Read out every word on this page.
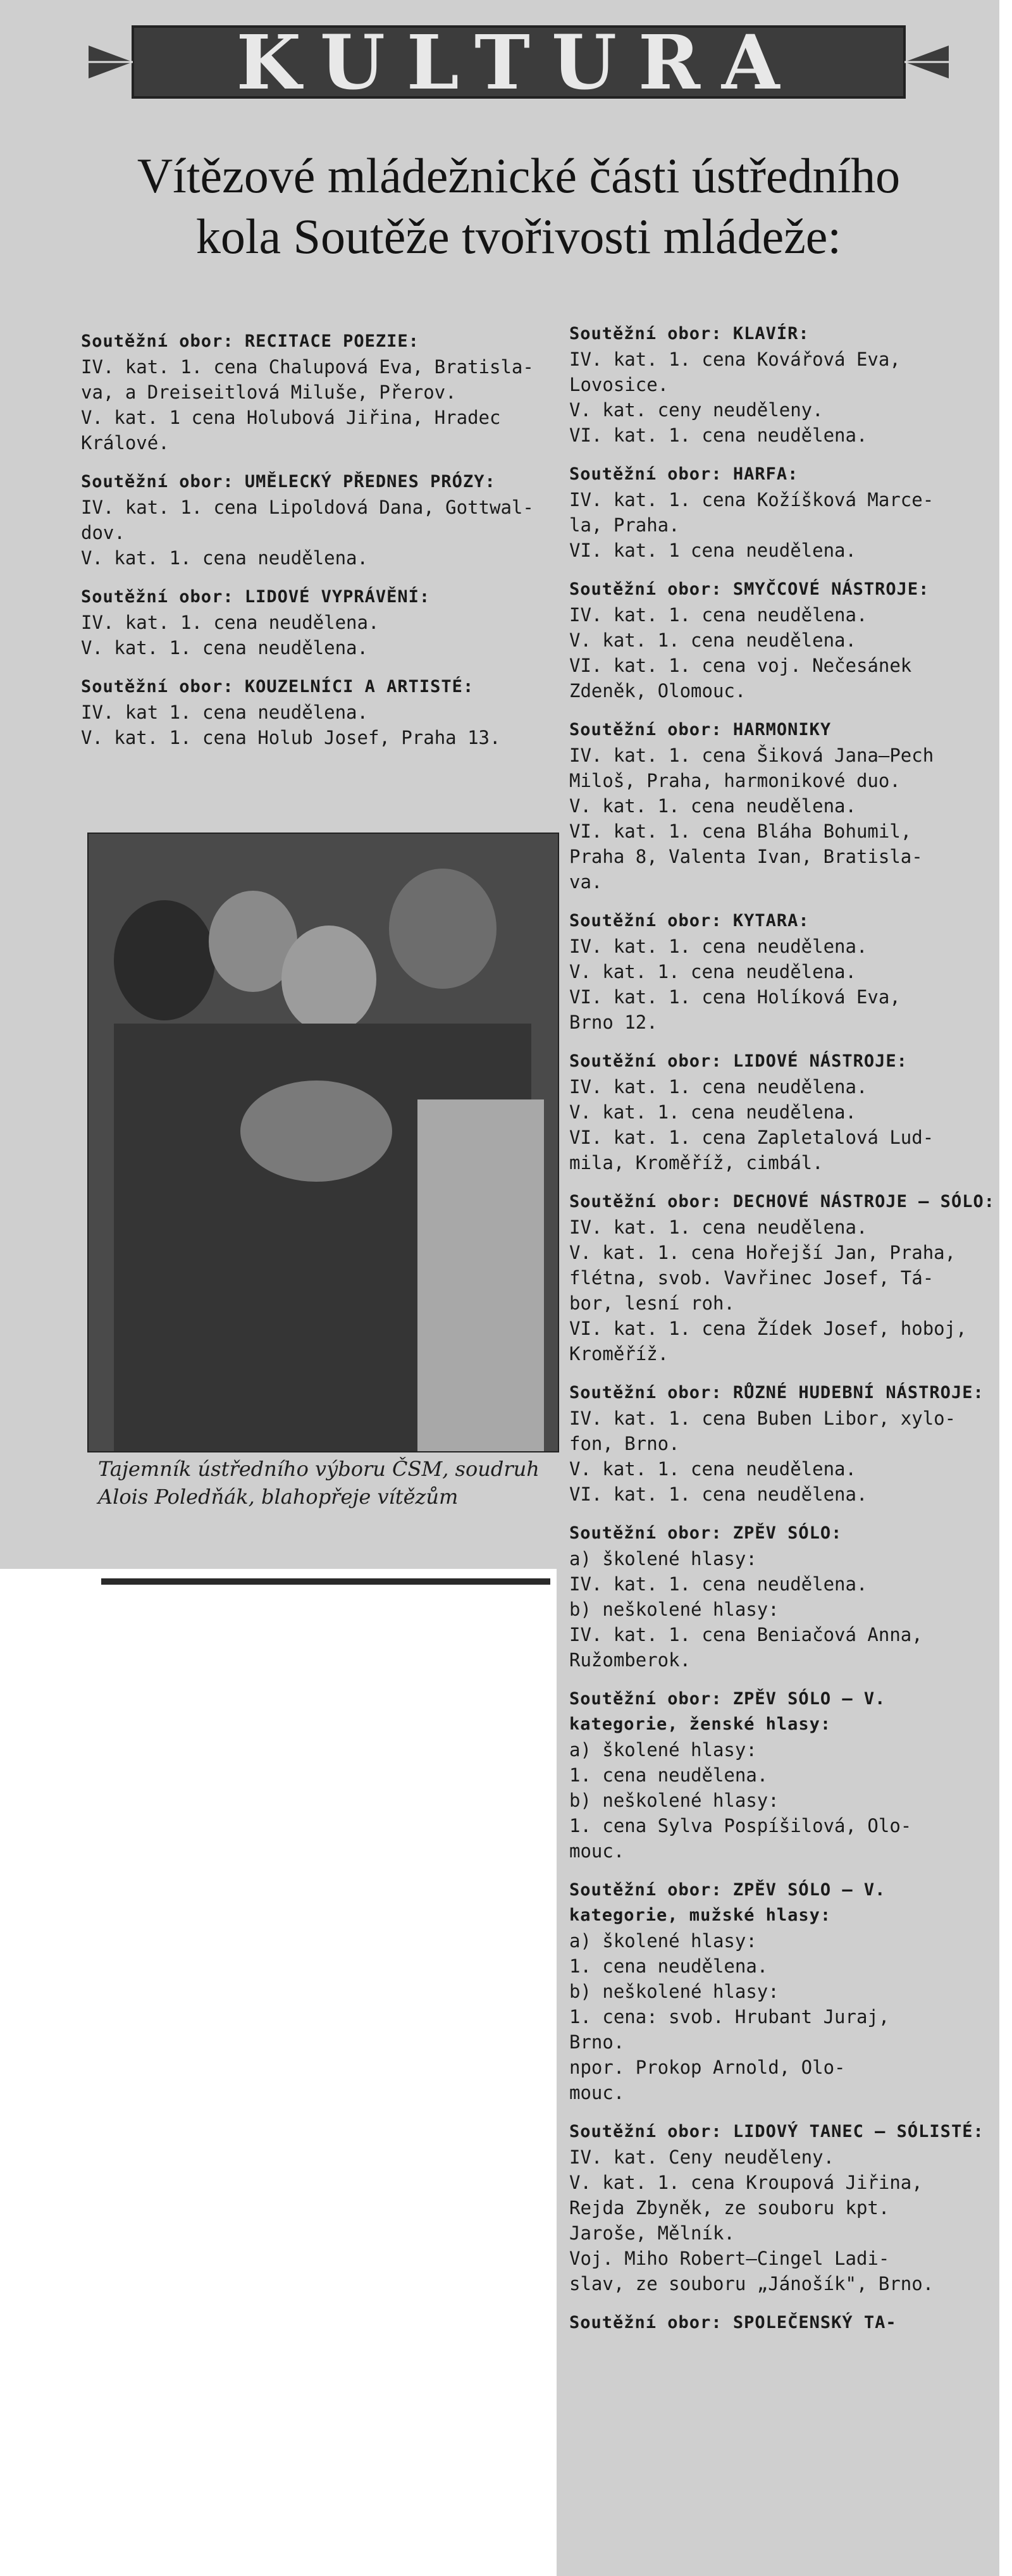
KULTURA
Vítězové mládežnické části ústředního
kola Soutěže tvořivosti mládeže:
Soutěžní obor: RECITACE POEZIE:
IV. kat. 1. cena Chalupová Eva, Bratisla-
va, a Dreiseitlová Miluše, Přerov.
V. kat. 1 cena Holubová Jiřina, Hradec
Králové.
Soutěžní obor: UMĚLECKÝ PŘEDNES PRÓZY:
IV. kat. 1. cena Lipoldová Dana, Gottwal-
dov.
V. kat. 1. cena neudělena.
Soutěžní obor: LIDOVÉ VYPRÁVĚNÍ:
IV. kat. 1. cena neudělena.
V. kat. 1. cena neudělena.
Soutěžní obor: KOUZELNÍCI A ARTISTÉ:
IV. kat 1. cena neudělena.
V. kat. 1. cena Holub Josef, Praha 13.
Tajemník ústředního výboru ČSM, soudruh Alois Poledňák, blahopřeje vítězům
Soutěžní obor: KLAVÍR:
IV. kat. 1. cena Kovářová Eva,
Lovosice.
V. kat. ceny neuděleny.
VI. kat. 1. cena neudělena.
Soutěžní obor: HARFA:
IV. kat. 1. cena Kožíšková Marce-
la, Praha.
VI. kat. 1 cena neudělena.
Soutěžní obor: SMYČCOVÉ NÁSTROJE:
IV. kat. 1. cena neudělena.
V. kat. 1. cena neudělena.
VI. kat. 1. cena voj. Nečesánek
Zdeněk, Olomouc.
Soutěžní obor: HARMONIKY
IV. kat. 1. cena Šiková Jana—Pech
Miloš, Praha, harmonikové duo.
V. kat. 1. cena neudělena.
VI. kat. 1. cena Bláha Bohumil,
Praha 8, Valenta Ivan, Bratisla-
va.
Soutěžní obor: KYTARA:
IV. kat. 1. cena neudělena.
V. kat. 1. cena neudělena.
VI. kat. 1. cena Holíková Eva,
Brno 12.
Soutěžní obor: LIDOVÉ NÁSTROJE:
IV. kat. 1. cena neudělena.
V. kat. 1. cena neudělena.
VI. kat. 1. cena Zapletalová Lud-
mila, Kroměříž, cimbál.
Soutěžní obor: DECHOVÉ NÁSTROJE — SÓLO:
IV. kat. 1. cena neudělena.
V. kat. 1. cena Hořejší Jan, Praha,
flétna, svob. Vavřinec Josef, Tá-
bor, lesní roh.
VI. kat. 1. cena Žídek Josef, hoboj,
Kroměříž.
Soutěžní obor: RŮZNÉ HUDEBNÍ NÁSTROJE:
IV. kat. 1. cena Buben Libor, xylo-
fon, Brno.
V. kat. 1. cena neudělena.
VI. kat. 1. cena neudělena.
Soutěžní obor: ZPĚV SÓLO:
a) školené hlasy:
IV. kat. 1. cena neudělena.
b) neškolené hlasy:
IV. kat. 1. cena Beniačová Anna,
Ružomberok.
Soutěžní obor: ZPĚV SÓLO — V. kategorie, ženské hlasy:
a) školené hlasy:
1. cena neudělena.
b) neškolené hlasy:
1. cena Sylva Pospíšilová, Olo-
mouc.
Soutěžní obor: ZPĚV SÓLO — V. kategorie, mužské hlasy:
a) školené hlasy:
1. cena neudělena.
b) neškolené hlasy:
1. cena: svob. Hrubant Juraj,
Brno.
npor. Prokop Arnold, Olo-
mouc.
Soutěžní obor: LIDOVÝ TANEC — SÓLISTÉ:
IV. kat. Ceny neuděleny.
V. kat. 1. cena Kroupová Jiřina,
Rejda Zbyněk, ze souboru kpt.
Jaroše, Mělník.
Voj. Miho Robert—Cingel Ladi-
slav, ze souboru „Jánošík", Brno.
Soutěžní obor: SPOLEČENSKÝ TA-
